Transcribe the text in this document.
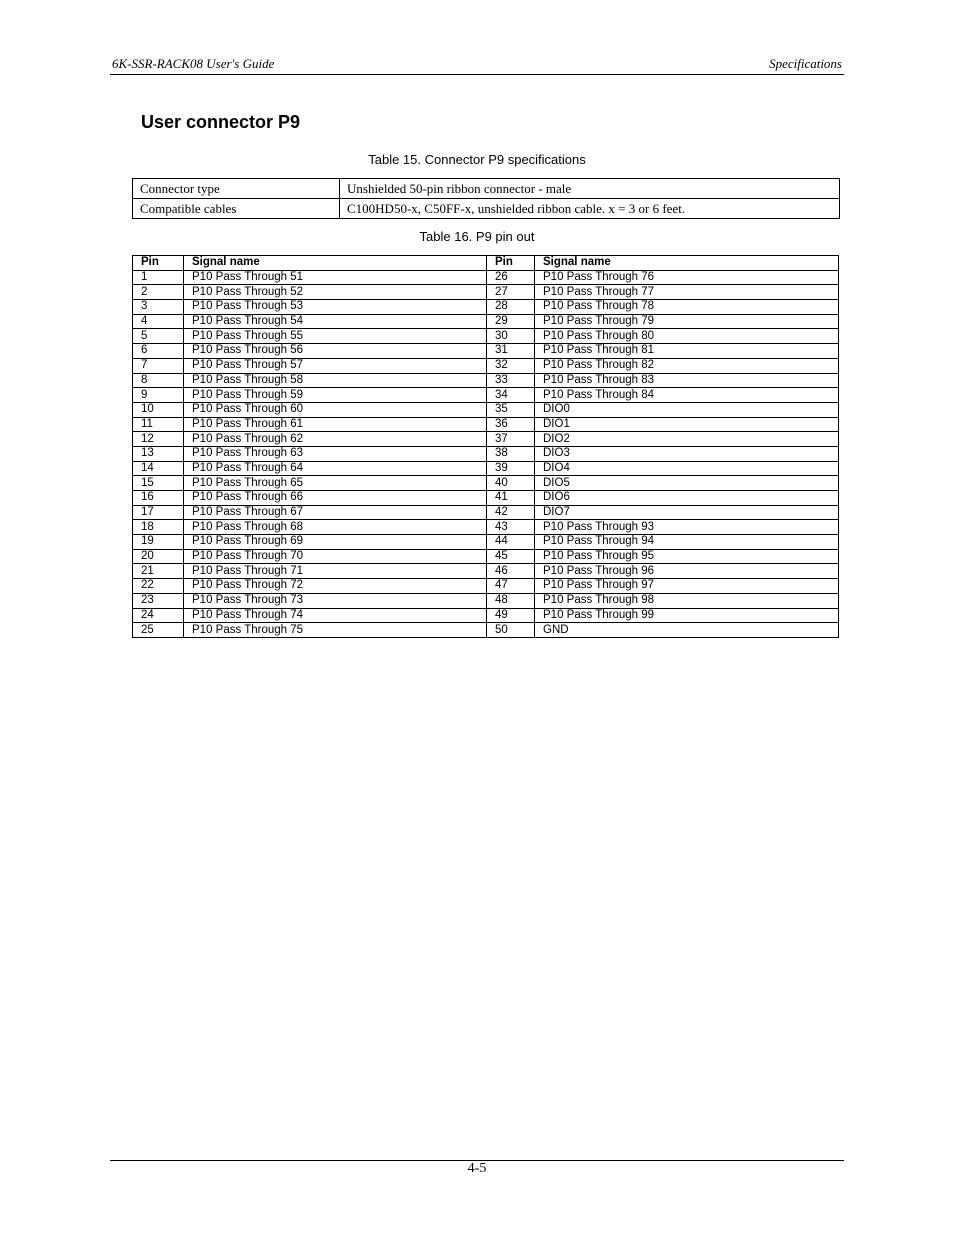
6K-SSR-RACK08 User's Guide	Specifications
User connector P9
Table 15. Connector P9 specifications
Connector type	Unshielded 50-pin ribbon connector - male
Compatible cables	C100HD50-x, C50FF-x, unshielded ribbon cable. x = 3 or 6 feet.
Table 16. P9 pin out
Pin	Signal name	Pin	Signal name
1	P10 Pass Through 51	26	P10 Pass Through 76
2	P10 Pass Through 52	27	P10 Pass Through 77
3	P10 Pass Through 53	28	P10 Pass Through 78
4	P10 Pass Through 54	29	P10 Pass Through 79
5	P10 Pass Through 55	30	P10 Pass Through 80
6	P10 Pass Through 56	31	P10 Pass Through 81
7	P10 Pass Through 57	32	P10 Pass Through 82
8	P10 Pass Through 58	33	P10 Pass Through 83
9	P10 Pass Through 59	34	P10 Pass Through 84
10	P10 Pass Through 60	35	DIO0
11	P10 Pass Through 61	36	DIO1
12	P10 Pass Through 62	37	DIO2
13	P10 Pass Through 63	38	DIO3
14	P10 Pass Through 64	39	DIO4
15	P10 Pass Through 65	40	DIO5
16	P10 Pass Through 66	41	DIO6
17	P10 Pass Through 67	42	DIO7
18	P10 Pass Through 68	43	P10 Pass Through 93
19	P10 Pass Through 69	44	P10 Pass Through 94
20	P10 Pass Through 70	45	P10 Pass Through 95
21	P10 Pass Through 71	46	P10 Pass Through 96
22	P10 Pass Through 72	47	P10 Pass Through 97
23	P10 Pass Through 73	48	P10 Pass Through 98
24	P10 Pass Through 74	49	P10 Pass Through 99
25	P10 Pass Through 75	50	GND
4-5
